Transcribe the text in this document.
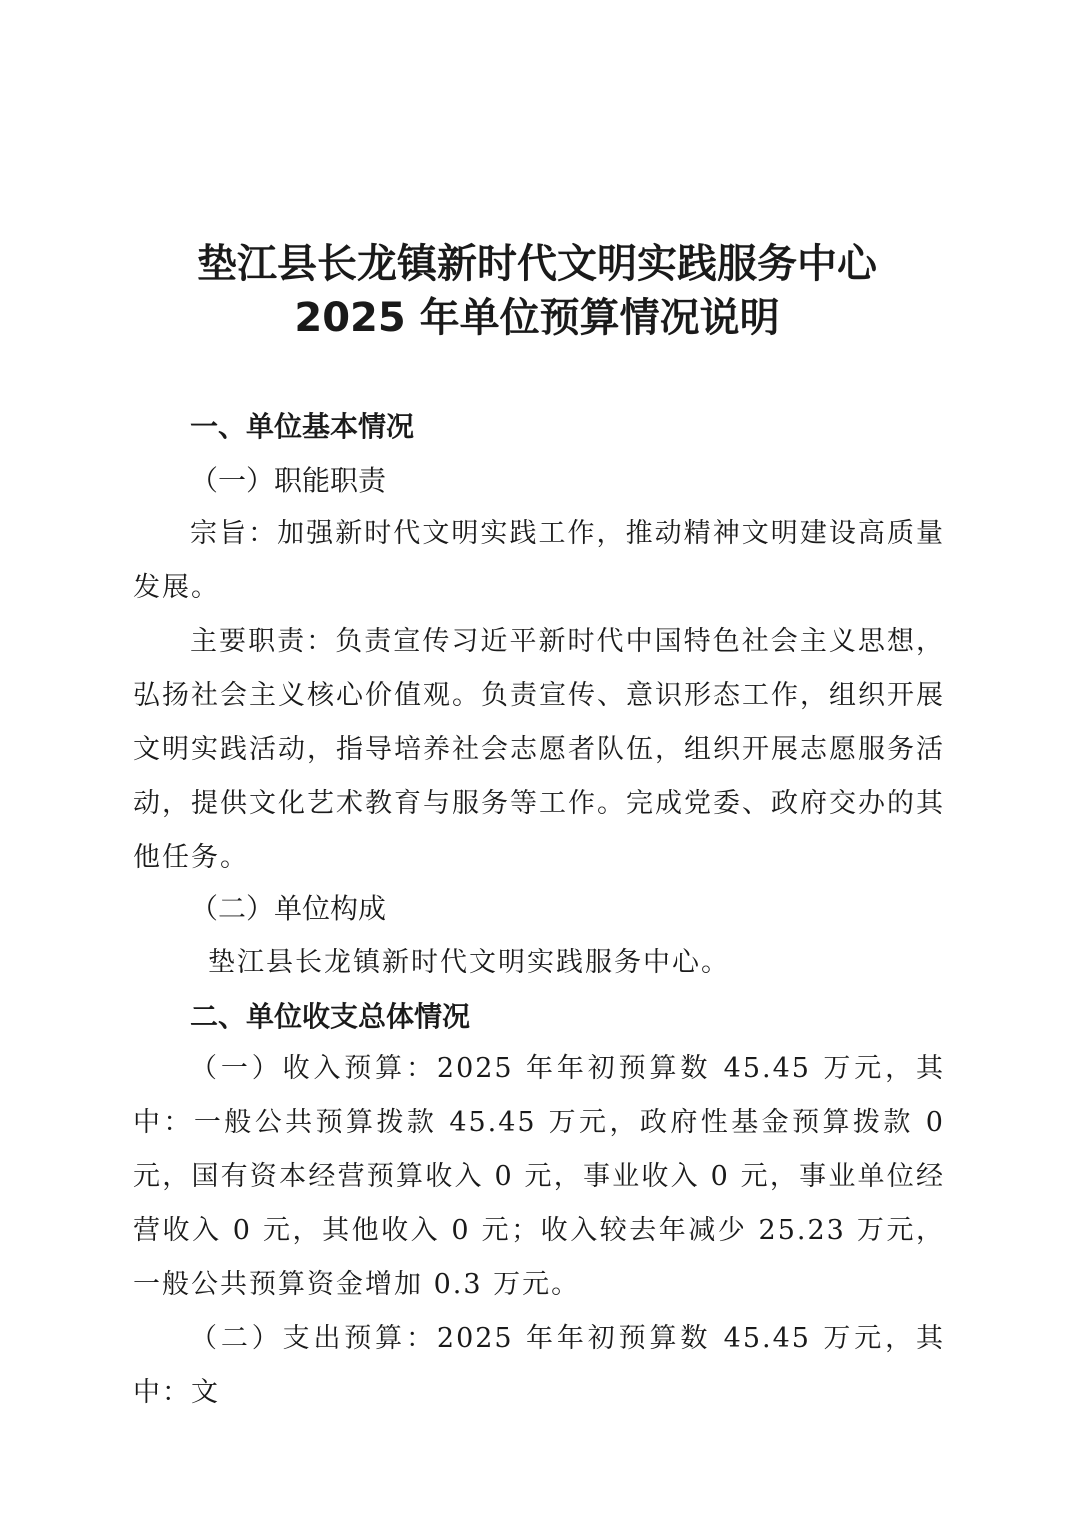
垫江县长龙镇新时代文明实践服务中心
2025 年单位预算情况说明
一、单位基本情况
（一）职能职责
宗旨：加强新时代文明实践工作，推动精神文明建设高质量发展。
主要职责：负责宣传习近平新时代中国特色社会主义思想，弘扬社会主义核心价值观。负责宣传、意识形态工作，组织开展文明实践活动，指导培养社会志愿者队伍，组织开展志愿服务活动，提供文化艺术教育与服务等工作。完成党委、政府交办的其他任务。
（二）单位构成
垫江县长龙镇新时代文明实践服务中心。
二、单位收支总体情况
（一）收入预算：2025 年年初预算数 45.45 万元，其中：一般公共预算拨款 45.45 万元，政府性基金预算拨款 0 元，国有资本经营预算收入 0 元，事业收入 0 元，事业单位经营收入 0 元，其他收入 0 元；收入较去年减少 25.23 万元，一般公共预算资金增加 0.3 万元。
（二）支出预算：2025 年年初预算数 45.45 万元，其中：文
